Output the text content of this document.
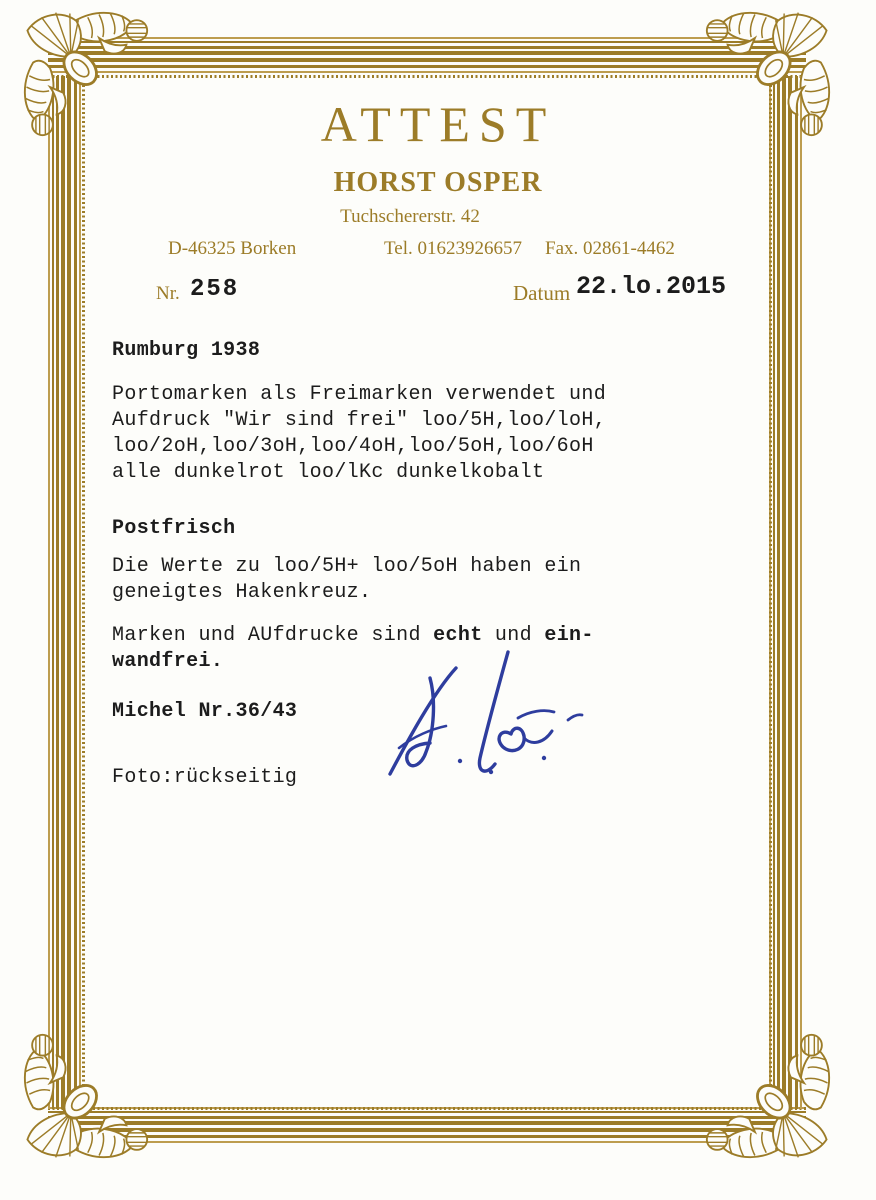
ATTEST
HORST OSPER
Tuchschererstr. 42
D-46325 Borken	Tel. 01623926657 Fax. 02861-4462
Nr. 258	Datum 22.lo.2015
Rumburg 1938
Portomarken als Freimarken verwendet und
Aufdruck "Wir sind frei" loo/5H,loo/loH,
loo/2oH,loo/3oH,loo/4oH,loo/5oH,loo/6oH
alle dunkelrot loo/lKc dunkelkobalt
Postfrisch
Die Werte zu loo/5H+ loo/5oH haben ein
geneigtes Hakenkreuz.
Marken und AUfdrucke sind echt und ein-
wandfrei.
Michel Nr.36/43
Foto:rückseitig
